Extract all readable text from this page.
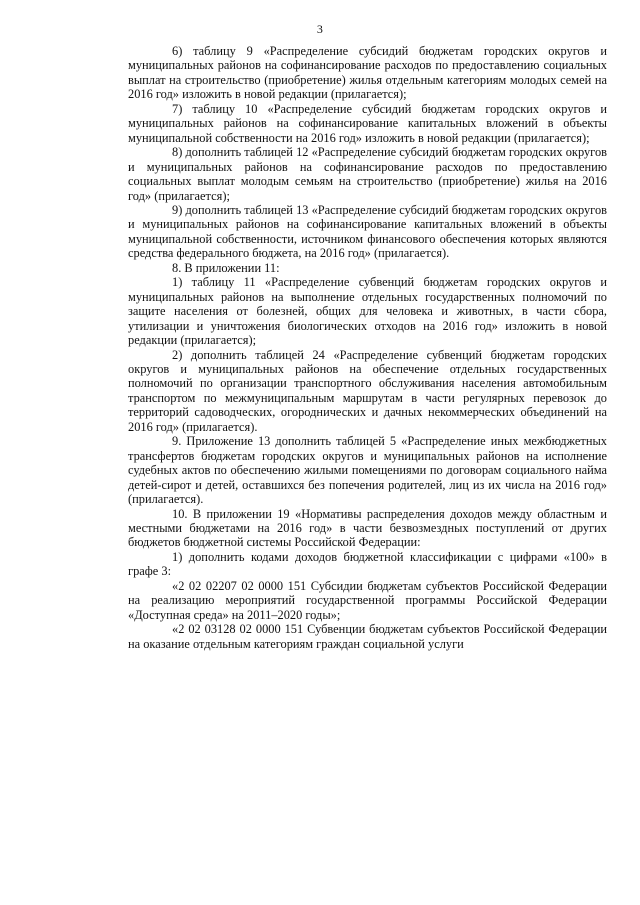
3

6) таблицу 9 «Распределение субсидий бюджетам городских округов и муниципальных районов на софинансирование расходов по предоставлению социальных выплат на строительство (приобретение) жилья отдельным категориям молодых семей на 2016 год» изложить в новой редакции (прилагается);

7) таблицу 10 «Распределение субсидий бюджетам городских округов и муниципальных районов на софинансирование капитальных вложений в объекты муниципальной собственности на 2016 год» изложить в новой редакции (прилагается);

8) дополнить таблицей 12 «Распределение субсидий бюджетам городских округов и муниципальных районов на софинансирование расходов по предоставлению социальных выплат молодым семьям на строительство (приобретение) жилья на 2016 год» (прилагается);

9) дополнить таблицей 13 «Распределение субсидий бюджетам городских округов и муниципальных районов на софинансирование капитальных вложений в объекты муниципальной собственности, источником финансового обеспечения которых являются средства федерального бюджета, на 2016 год» (прилагается).

8. В приложении 11:

1) таблицу 11 «Распределение субвенций бюджетам городских округов и муниципальных районов на выполнение отдельных государственных полномочий по защите населения от болезней, общих для человека и животных, в части сбора, утилизации и уничтожения биологических отходов на 2016 год» изложить в новой редакции (прилагается);

2) дополнить таблицей 24 «Распределение субвенций бюджетам городских округов и муниципальных районов на обеспечение отдельных государственных полномочий по организации транспортного обслуживания населения автомобильным транспортом по межмуниципальным маршрутам в части регулярных перевозок до территорий садоводческих, огороднических и дачных некоммерческих объединений на 2016 год» (прилагается).

9. Приложение 13 дополнить таблицей 5 «Распределение иных межбюджетных трансфертов бюджетам городских округов и муниципальных районов на исполнение судебных актов по обеспечению жилыми помещениями по договорам социального найма детей-сирот и детей, оставшихся без попечения родителей, лиц из их числа на 2016 год» (прилагается).

10. В приложении 19 «Нормативы распределения доходов между областным и местными бюджетами на 2016 год» в части безвозмездных поступлений от других бюджетов бюджетной системы Российской Федерации:

1) дополнить кодами доходов бюджетной классификации с цифрами «100» в графе 3:

«2 02 02207 02 0000 151 Субсидии бюджетам субъектов Российской Федерации на реализацию мероприятий государственной программы Российской Федерации «Доступная среда» на 2011–2020 годы»;

«2 02 03128 02 0000 151 Субвенции бюджетам субъектов Российской Федерации на оказание отдельным категориям граждан социальной услуги
